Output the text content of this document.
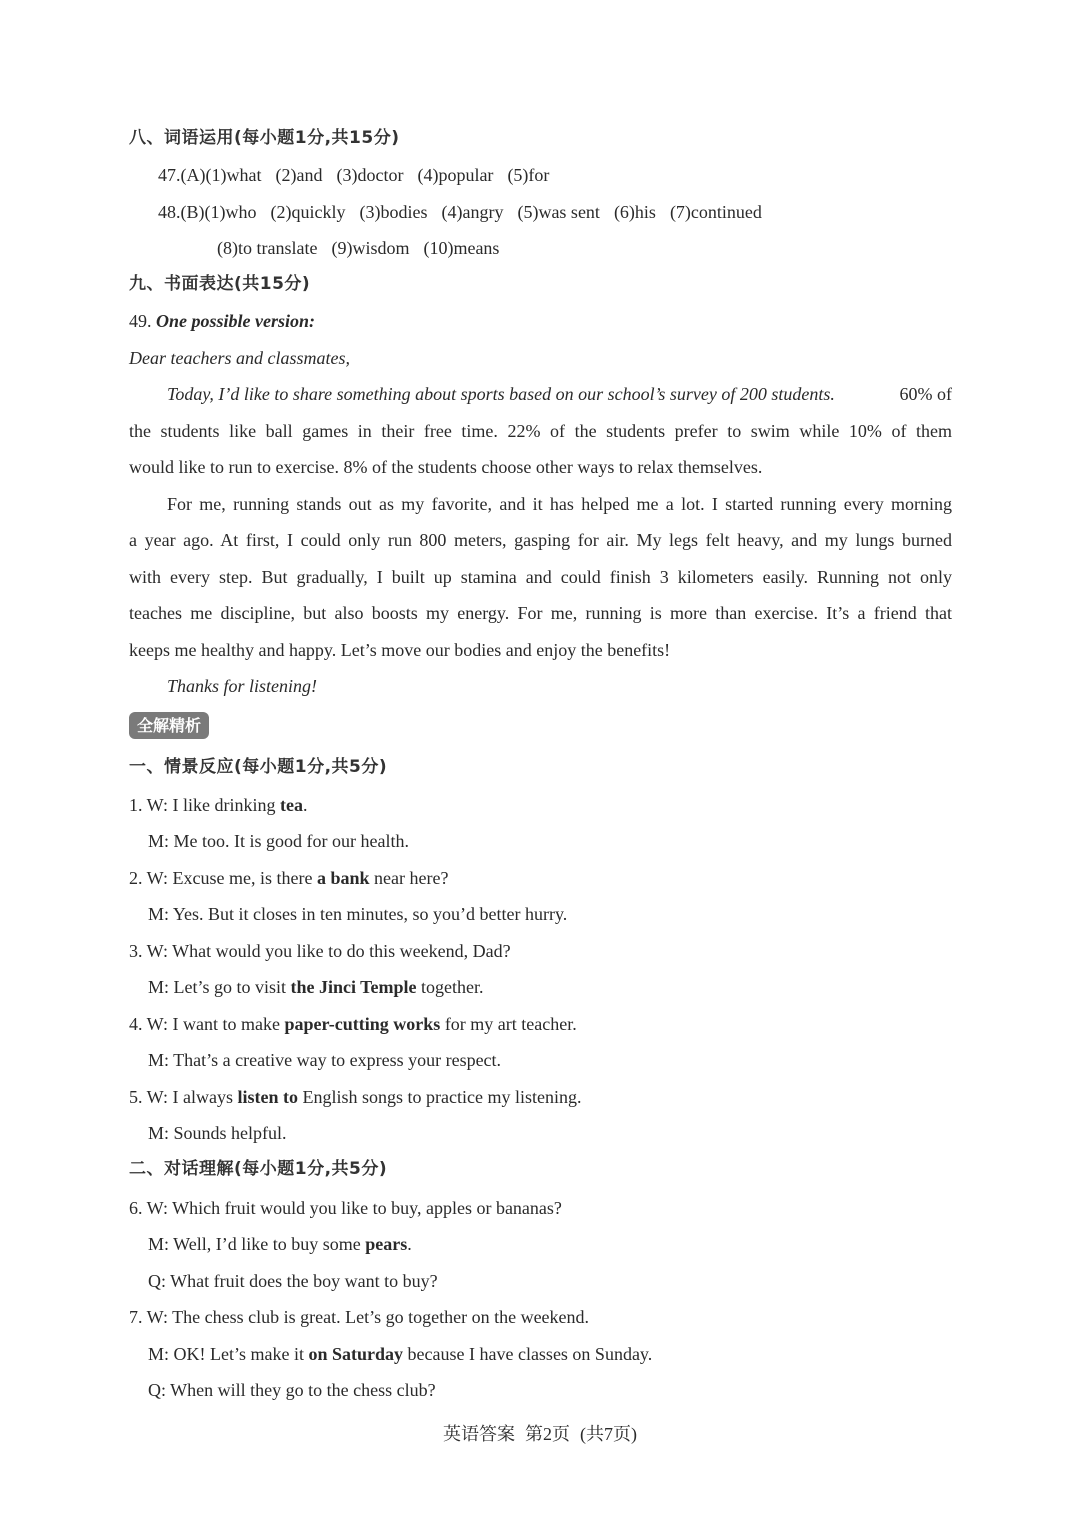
八、词语运用(每小题1分,共15分)
47.(A)(1)what (2)and (3)doctor (4)popular (5)for
48.(B)(1)who (2)quickly (3)bodies (4)angry (5)was sent (6)his (7)continued
(8)to translate (9)wisdom (10)means
九、书面表达(共15分)
49. One possible version:
Dear teachers and classmates,
Today, I’d like to share something about sports based on our school’s survey of 200 students.	60% of
the students like ball games in their free time. 22% of the students prefer to swim while 10% of them
would like to run to exercise. 8% of the students choose other ways to relax themselves.
For me, running stands out as my favorite, and it has helped me a lot. I started running every morning
a year ago. At first, I could only run 800 meters, gasping for air. My legs felt heavy, and my lungs burned
with every step. But gradually, I built up stamina and could finish 3 kilometers easily. Running not only
teaches me discipline, but also boosts my energy. For me, running is more than exercise. It’s a friend that
keeps me healthy and happy. Let’s move our bodies and enjoy the benefits!
Thanks for listening!
全解精析
一、情景反应(每小题1分,共5分)
1. W: I like drinking tea.
M: Me too. It is good for our health.
2. W: Excuse me, is there a bank near here?
M: Yes. But it closes in ten minutes, so you’d better hurry.
3. W: What would you like to do this weekend, Dad?
M: Let’s go to visit the Jinci Temple together.
4. W: I want to make paper-cutting works for my art teacher.
M: That’s a creative way to express your respect.
5. W: I always listen to English songs to practice my listening.
M: Sounds helpful.
二、对话理解(每小题1分,共5分)
6. W: Which fruit would you like to buy, apples or bananas?
M: Well, I’d like to buy some pears.
Q: What fruit does the boy want to buy?
7. W: The chess club is great. Let’s go together on the weekend.
M: OK! Let’s make it on Saturday because I have classes on Sunday.
Q: When will they go to the chess club?
英语答案 第2页 (共7页)
